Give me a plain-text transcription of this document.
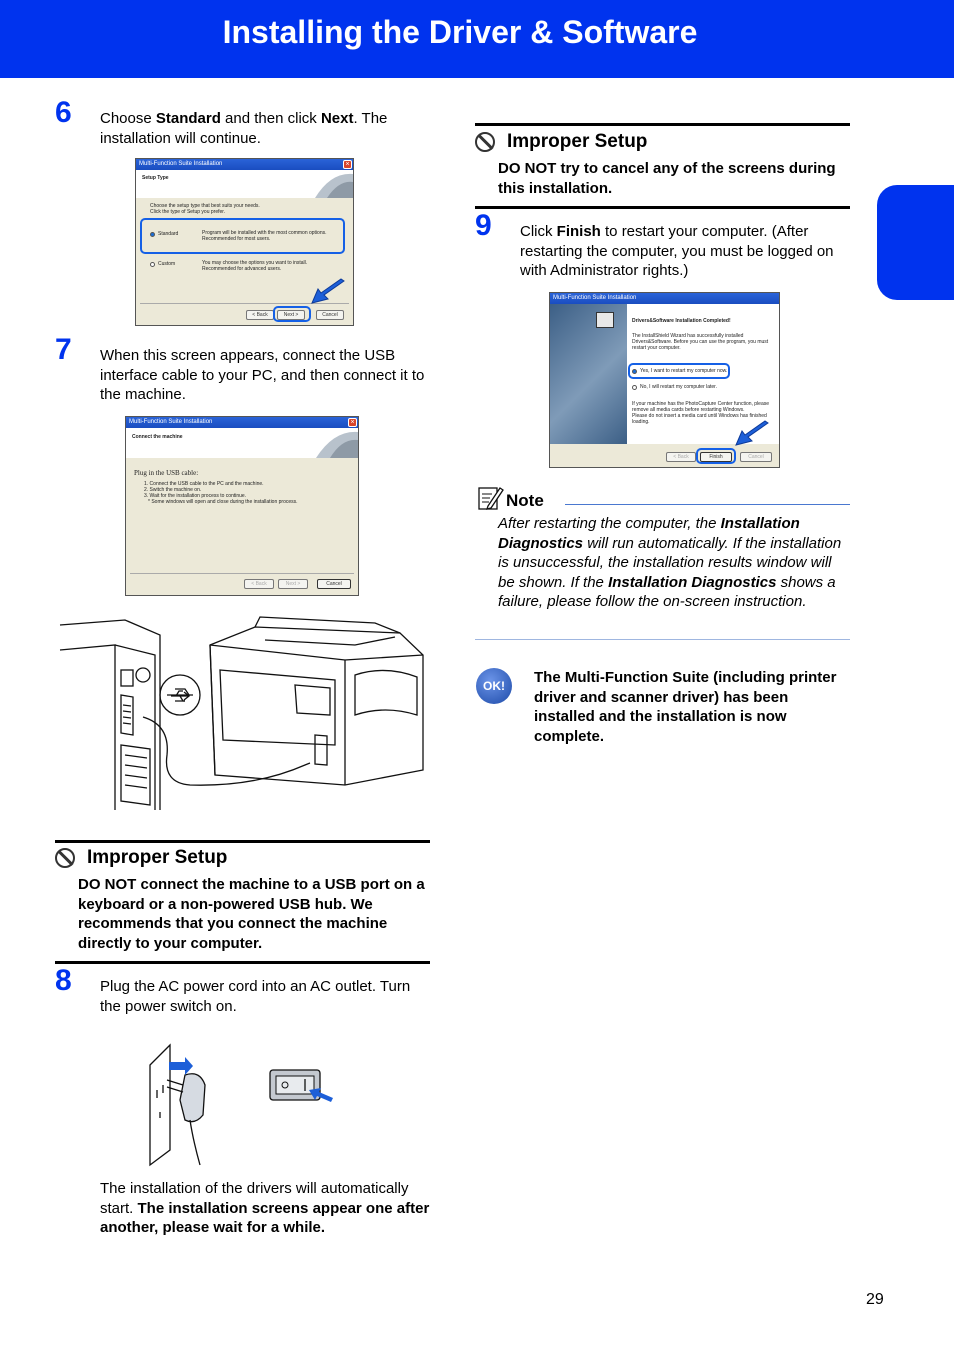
Installing the Driver & Software
6 Choose Standard and then click Next. The installation will continue.
Multi-Function Suite Installation	×
Setup Type
Choose the setup type that best suits your needs.
Click the type of Setup you prefer.
Standard	Program will be installed with the most common options.
Recommended for most users.
Custom	You may choose the options you want to install.
Recommended for advanced users.
< Back	Next >	Cancel
7 When this screen appears, connect the USB interface cable to your PC, and then connect it to the machine.
Multi-Function Suite Installation	×
Connect the machine
Plug in the USB cable:
1. Connect the USB cable to the PC and the machine.
2. Switch the machine on.
3. Wait for the installation process to continue.
* Some windows will open and close during the installation process.
< Back	Next >	Cancel
Improper Setup
DO NOT connect the machine to a USB port on a keyboard or a non-powered USB hub. We recommends that you connect the machine directly to your computer.
8 Plug the AC power cord into an AC outlet. Turn the power switch on.
The installation of the drivers will automatically start. The installation screens appear one after another, please wait for a while.
Improper Setup
DO NOT try to cancel any of the screens during this installation.
9 Click Finish to restart your computer. (After restarting the computer, you must be logged on with Administrator rights.)
Multi-Function Suite Installation
Drivers&Software Installation Completed!
The InstallShield Wizard has successfully installed
Drivers&Software. Before you can use the program, you must
restart your computer.
Yes, I want to restart my computer now.
No, I will restart my computer later.
If your machine has the PhotoCapture Center function, please
remove all media cards before restarting Windows.
Please do not insert a media card until Windows has finished
loading.
< Back	Finish	Cancel
Note
After restarting the computer, the Installation Diagnostics will run automatically. If the installation is unsuccessful, the installation results window will be shown. If the Installation Diagnostics shows a failure, please follow the on-screen instruction.
OK!	The Multi-Function Suite (including printer driver and scanner driver) has been installed and the installation is now complete.
29
